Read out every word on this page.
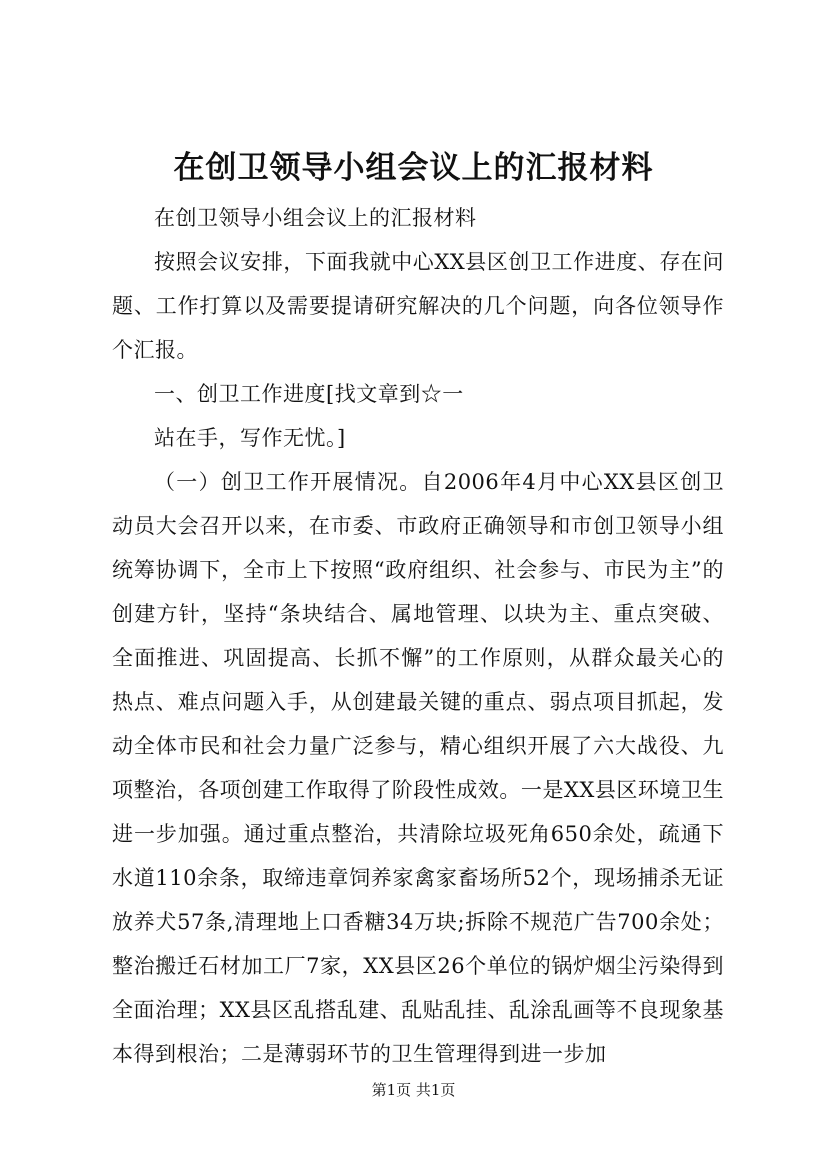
在创卫领导小组会议上的汇报材料

在创卫领导小组会议上的汇报材料

按照会议安排，下面我就中心XX县区创卫工作进度、存在问题、工作打算以及需要提请研究解决的几个问题，向各位领导作个汇报。

一、创卫工作进度[找文章到☆一

站在手，写作无忧。]

（一）创卫工作开展情况。自2006年4月中心XX县区创卫动员大会召开以来，在市委、市政府正确领导和市创卫领导小组统筹协调下，全市上下按照“政府组织、社会参与、市民为主”的创建方针，坚持“条块结合、属地管理、以块为主、重点突破、全面推进、巩固提高、长抓不懈”的工作原则，从群众最关心的热点、难点问题入手，从创建最关键的重点、弱点项目抓起，发动全体市民和社会力量广泛参与，精心组织开展了六大战役、九项整治，各项创建工作取得了阶段性成效。一是XX县区环境卫生进一步加强。通过重点整治，共清除垃圾死角650余处，疏通下水道110余条，取缔违章饲养家禽家畜场所52个，现场捕杀无证放养犬57条,清理地上口香糖34万块;拆除不规范广告700余处；整治搬迁石材加工厂7家，XX县区26个单位的锅炉烟尘污染得到全面治理；XX县区乱搭乱建、乱贴乱挂、乱涂乱画等不良现象基本得到根治；二是薄弱环节的卫生管理得到进一步加

第1页 共1页
